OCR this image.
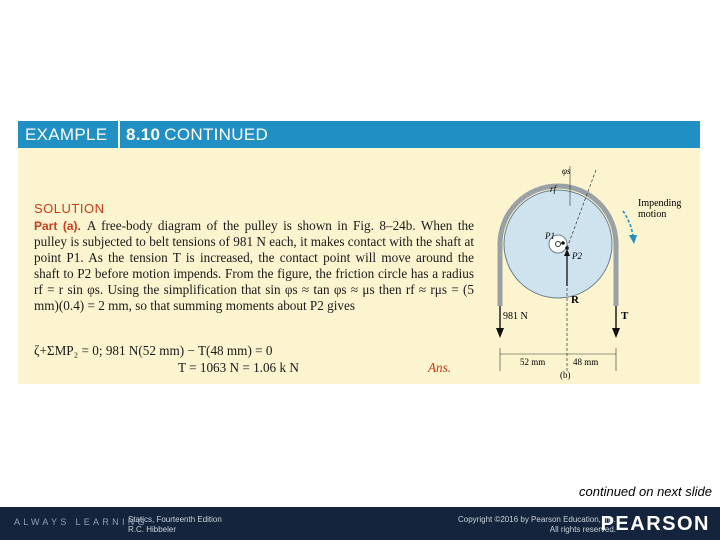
EXAMPLE 8.10 CONTINUED
SOLUTION
Part (a). A free-body diagram of the pulley is shown in Fig. 8–24b. When the pulley is subjected to belt tensions of 981 N each, it makes contact with the shaft at point P1. As the tension T is increased, the contact point will move around the shaft to P2 before motion impends. From the figure, the friction circle has a radius rf = r sin φs. Using the simplification that sin φs ≈ tan φs ≈ μs then rf ≈ rμs = (5 mm)(0.4) = 2 mm, so that summing moments about P2 gives
ζ+ΣMP₂ = 0; 981 N(52 mm) − T(48 mm) = 0
T = 1063 N = 1.06 k N	Ans.
φs
rf
Impending
motion
P1
P2
981 N	T
R
52 mm	48 mm
(b)
continued on next slide
ALWAYS LEARNING
Statics, Fourteenth Edition
R.C. Hibbeler
Copyright ©2016 by Pearson Education, Inc.
All rights reserved.
PEARSON
